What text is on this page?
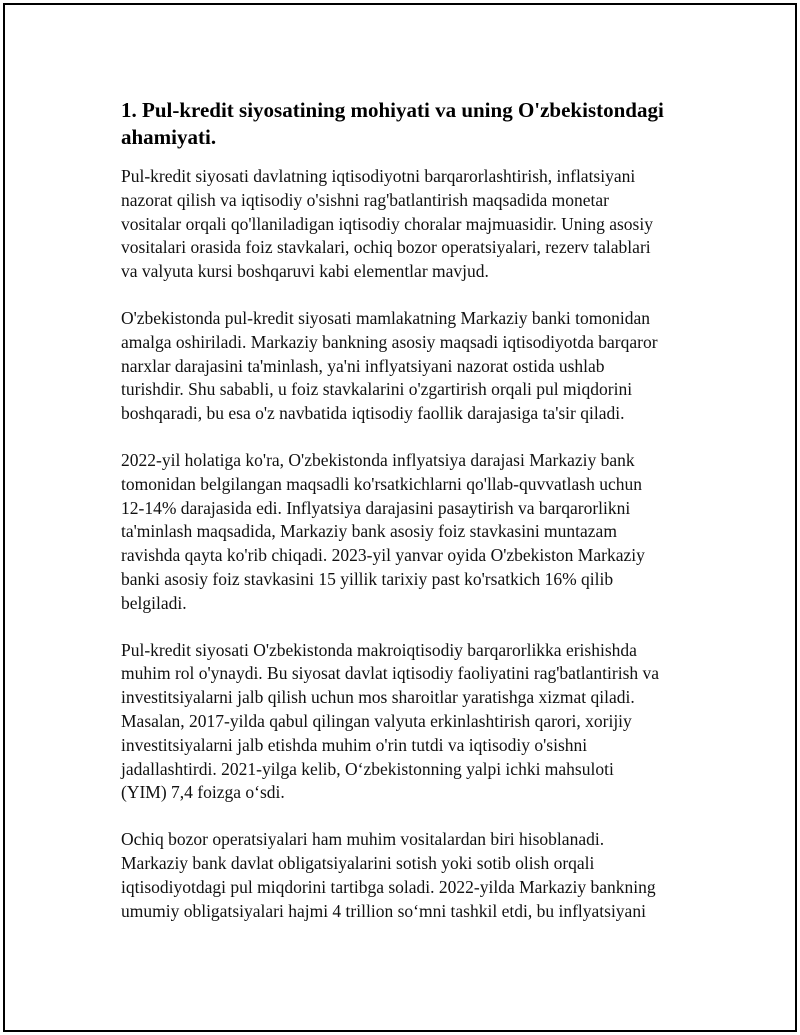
1. Pul-kredit siyosatining mohiyati va uning O'zbekistondagi
ahamiyati.

Pul-kredit siyosati davlatning iqtisodiyotni barqarorlashtirish, inflatsiyani
nazorat qilish va iqtisodiy o'sishni rag'batlantirish maqsadida monetar
vositalar orqali qo'llaniladigan iqtisodiy choralar majmuasidir. Uning asosiy
vositalari orasida foiz stavkalari, ochiq bozor operatsiyalari, rezerv talablari
va valyuta kursi boshqaruvi kabi elementlar mavjud.

O'zbekistonda pul-kredit siyosati mamlakatning Markaziy banki tomonidan
amalga oshiriladi. Markaziy bankning asosiy maqsadi iqtisodiyotda barqaror
narxlar darajasini ta'minlash, ya'ni inflyatsiyani nazorat ostida ushlab
turishdir. Shu sababli, u foiz stavkalarini o'zgartirish orqali pul miqdorini
boshqaradi, bu esa o'z navbatida iqtisodiy faollik darajasiga ta'sir qiladi.

2022-yil holatiga ko'ra, O'zbekistonda inflyatsiya darajasi Markaziy bank
tomonidan belgilangan maqsadli ko'rsatkichlarni qo'llab-quvvatlash uchun
12-14% darajasida edi. Inflyatsiya darajasini pasaytirish va barqarorlikni
ta'minlash maqsadida, Markaziy bank asosiy foiz stavkasini muntazam
ravishda qayta ko'rib chiqadi. 2023-yil yanvar oyida O'zbekiston Markaziy
banki asosiy foiz stavkasini 15 yillik tarixiy past ko'rsatkich 16% qilib
belgiladi.

Pul-kredit siyosati O'zbekistonda makroiqtisodiy barqarorlikka erishishda
muhim rol o'ynaydi. Bu siyosat davlat iqtisodiy faoliyatini rag'batlantirish va
investitsiyalarni jalb qilish uchun mos sharoitlar yaratishga xizmat qiladi.
Masalan, 2017-yilda qabul qilingan valyuta erkinlashtirish qarori, xorijiy
investitsiyalarni jalb etishda muhim o'rin tutdi va iqtisodiy o'sishni
jadallashtirdi. 2021-yilga kelib, O‘zbekistonning yalpi ichki mahsuloti
(YIM) 7,4 foizga o‘sdi.

Ochiq bozor operatsiyalari ham muhim vositalardan biri hisoblanadi.
Markaziy bank davlat obligatsiyalarini sotish yoki sotib olish orqali
iqtisodiyotdagi pul miqdorini tartibga soladi. 2022-yilda Markaziy bankning
umumiy obligatsiyalari hajmi 4 trillion so‘mni tashkil etdi, bu inflyatsiyani
